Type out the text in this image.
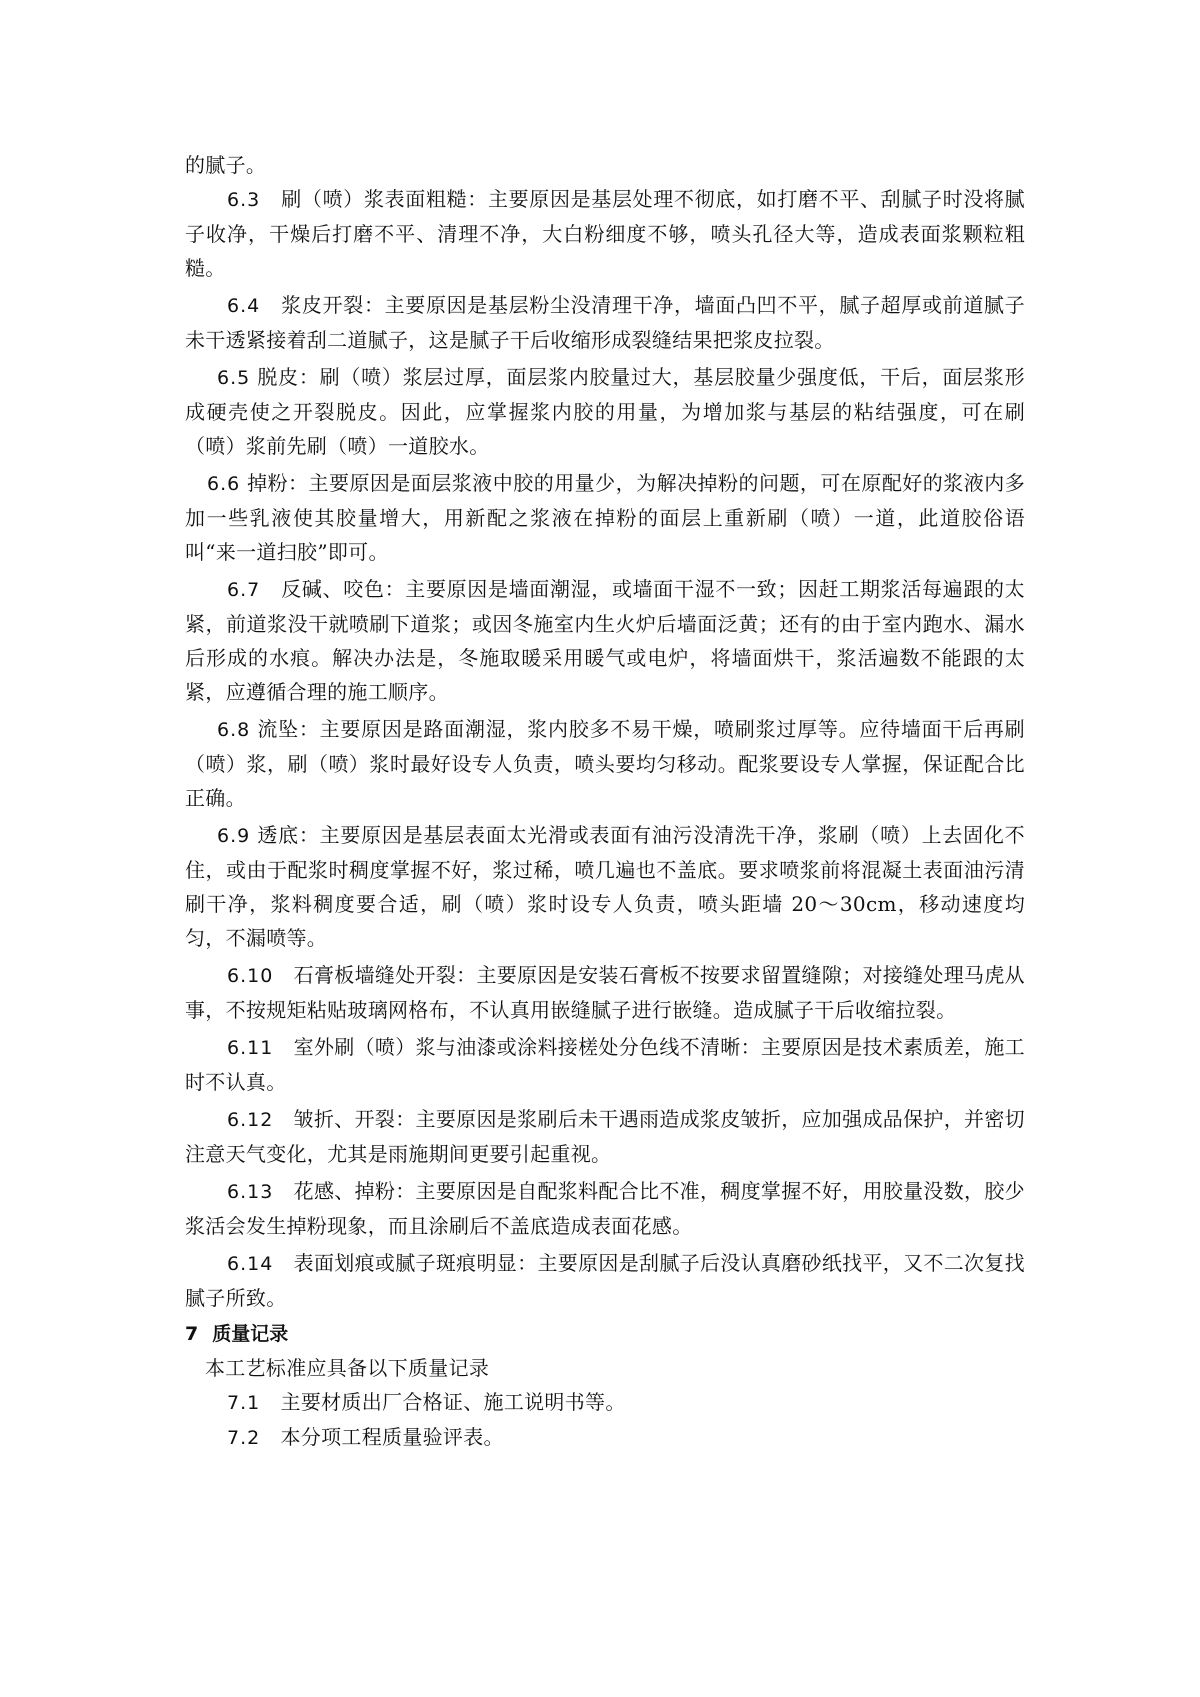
的腻子。

6.3　 刷（喷）浆表面粗糙：主要原因是基层处理不彻底，如打磨不平、刮腻子时没将腻子收净，干燥后打磨不平、清理不净，大白粉细度不够，喷头孔径大等，造成表面浆颗粒粗糙。

6.4　 浆皮开裂：主要原因是基层粉尘没清理干净，墙面凸凹不平，腻子超厚或前道腻子未干透紧接着刮二道腻子，这是腻子干后收缩形成裂缝结果把浆皮拉裂。

6.5 脱皮：刷（喷）浆层过厚，面层浆内胶量过大，基层胶量少强度低，干后，面层浆形成硬壳使之开裂脱皮。因此，应掌握浆内胶的用量，为增加浆与基层的粘结强度，可在刷（喷）浆前先刷（喷）一道胶水。

6.6 掉粉：主要原因是面层浆液中胶的用量少，为解决掉粉的问题，可在原配好的浆液内多加一些乳液使其胶量增大，用新配之浆液在掉粉的面层上重新刷（喷）一道，此道胶俗语叫“来一道扫胶”即可。

6.7　 反碱、咬色：主要原因是墙面潮湿，或墙面干湿不一致；因赶工期浆活每遍跟的太紧，前道浆没干就喷刷下道浆；或因冬施室内生火炉后墙面泛黄；还有的由于室内跑水、漏水后形成的水痕。解决办法是，冬施取暖采用暖气或电炉，将墙面烘干，浆活遍数不能跟的太紧，应遵循合理的施工顺序。

6.8 流坠：主要原因是路面潮湿，浆内胶多不易干燥，喷刷浆过厚等。应待墙面干后再刷（喷）浆，刷（喷）浆时最好设专人负责，喷头要均匀移动。配浆要设专人掌握，保证配合比正确。

6.9 透底：主要原因是基层表面太光滑或表面有油污没清洗干净，浆刷（喷）上去固化不住，或由于配浆时稠度掌握不好，浆过稀，喷几遍也不盖底。要求喷浆前将混凝土表面油污清刷干净，浆料稠度要合适，刷（喷）浆时设专人负责，喷头距墙 20～30cm，移动速度均匀，不漏喷等。

6.10　 石膏板墙缝处开裂：主要原因是安装石膏板不按要求留置缝隙；对接缝处理马虎从事，不按规矩粘贴玻璃网格布，不认真用嵌缝腻子进行嵌缝。造成腻子干后收缩拉裂。

6.11　 室外刷（喷）浆与油漆或涂料接槎处分色线不清晰：主要原因是技术素质差，施工时不认真。

6.12　 皱折、开裂：主要原因是浆刷后未干遇雨造成浆皮皱折，应加强成品保护，并密切注意天气变化，尤其是雨施期间更要引起重视。

6.13　 花感、掉粉：主要原因是自配浆料配合比不准，稠度掌握不好，用胶量没数，胶少浆活会发生掉粉现象，而且涂刷后不盖底造成表面花感。

6.14　 表面划痕或腻子斑痕明显：主要原因是刮腻子后没认真磨砂纸找平，又不二次复找腻子所致。

7 质量记录

本工艺标准应具备以下质量记录

7.1　 主要材质出厂合格证、施工说明书等。

7.2　 本分项工程质量验评表。
